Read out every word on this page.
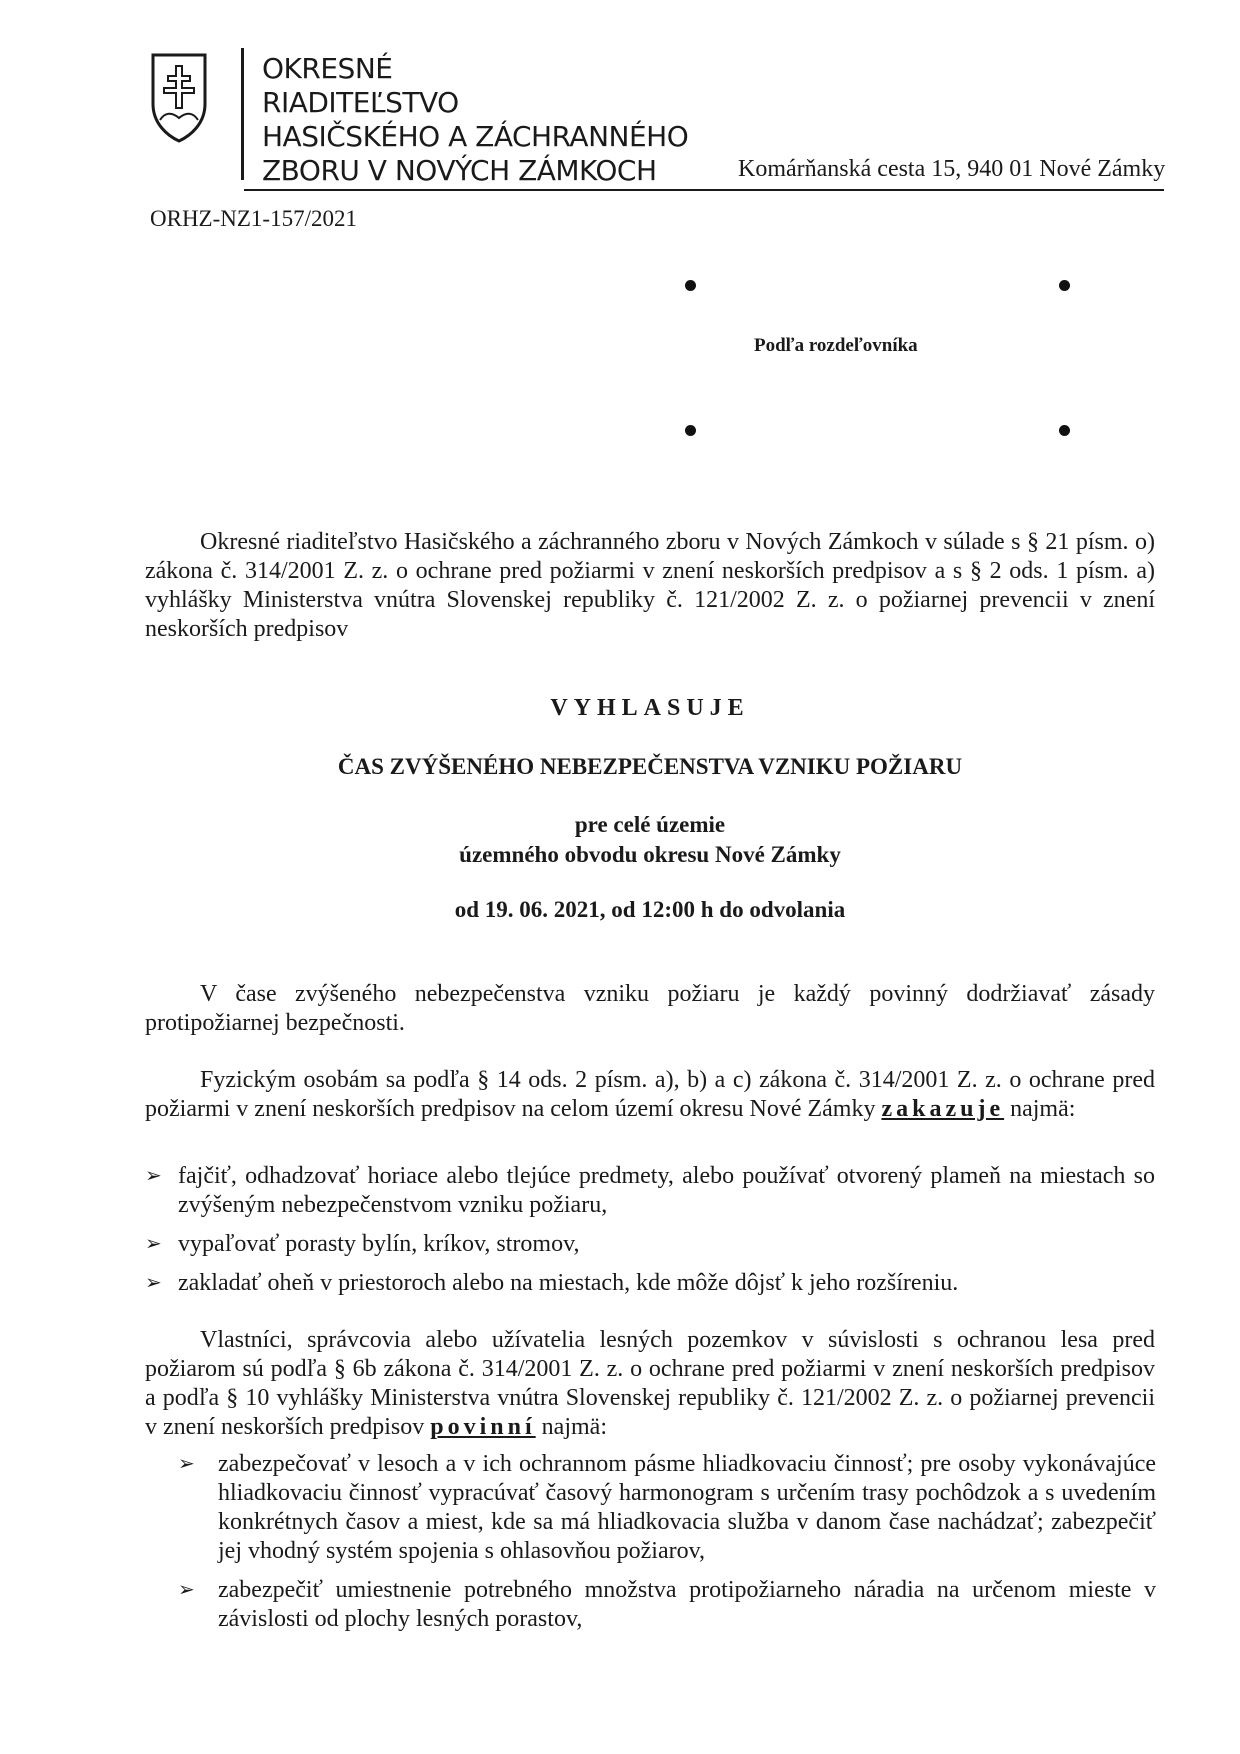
OKRESNÉ
RIADITEĽSTVO
HASIČSKÉHO A ZÁCHRANNÉHO
ZBORU V NOVÝCH ZÁMKOCH	Komárňanská cesta 15, 940 01 Nové Zámky
ORHZ-NZ1-157/2021
Podľa rozdeľovníka
Okresné riaditeľstvo Hasičského a záchranného zboru v Nových Zámkoch v súlade s § 21 písm. o) zákona č. 314/2001 Z. z. o ochrane pred požiarmi v znení neskorších predpisov a s § 2 ods. 1 písm. a) vyhlášky Ministerstva vnútra Slovenskej republiky č. 121/2002 Z. z. o požiarnej prevencii v znení neskorších predpisov
VYHLASUJE
ČAS ZVÝŠENÉHO NEBEZPEČENSTVA VZNIKU POŽIARU
pre celé územie
územného obvodu okresu Nové Zámky
od 19. 06. 2021, od 12:00 h do odvolania
V čase zvýšeného nebezpečenstva vzniku požiaru je každý povinný dodržiavať zásady protipožiarnej bezpečnosti.
Fyzickým osobám sa podľa § 14 ods. 2 písm. a), b) a c) zákona č. 314/2001 Z. z. o ochrane pred požiarmi v znení neskorších predpisov na celom území okresu Nové Zámky zakazuje najmä:
➢ fajčiť, odhadzovať horiace alebo tlejúce predmety, alebo používať otvorený plameň na miestach so zvýšeným nebezpečenstvom vzniku požiaru,
➢ vypaľovať porasty bylín, kríkov, stromov,
➢ zakladať oheň v priestoroch alebo na miestach, kde môže dôjsť k jeho rozšíreniu.
Vlastníci, správcovia alebo užívatelia lesných pozemkov v súvislosti s ochranou lesa pred požiarom sú podľa § 6b zákona č. 314/2001 Z. z. o ochrane pred požiarmi v znení neskorších predpisov a podľa § 10 vyhlášky Ministerstva vnútra Slovenskej republiky č. 121/2002 Z. z. o požiarnej prevencii v znení neskorších predpisov povinní najmä:
➢ zabezpečovať v lesoch a v ich ochrannom pásme hliadkovaciu činnosť; pre osoby vykonávajúce hliadkovaciu činnosť vypracúvať časový harmonogram s určením trasy pochôdzok a s uvedením konkrétnych časov a miest, kde sa má hliadkovacia služba v danom čase nachádzať; zabezpečiť jej vhodný systém spojenia s ohlasovňou požiarov,
➢ zabezpečiť umiestnenie potrebného množstva protipožiarneho náradia na určenom mieste v závislosti od plochy lesných porastov,
